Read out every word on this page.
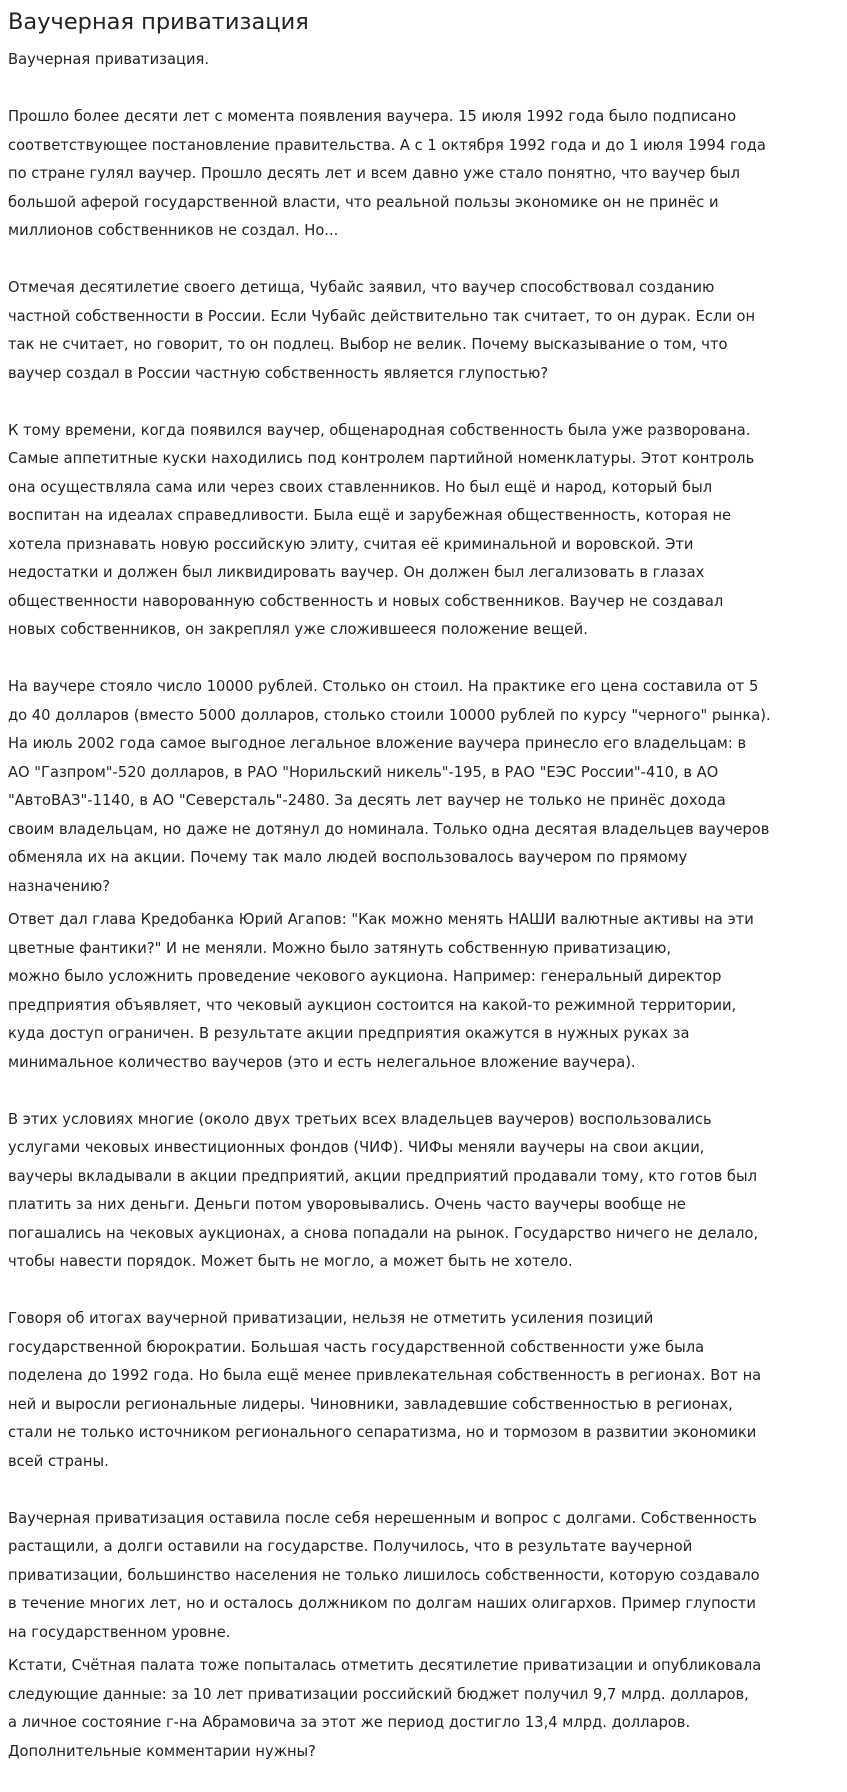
Ваучерная приватизация

Ваучерная приватизация.

Прошло более десяти лет с момента появления ваучера. 15 июля 1992 года было подписано
соответствующее постановление правительства. А с 1 октября 1992 года и до 1 июля 1994 года
по стране гулял ваучер. Прошло десять лет и всем давно уже стало понятно, что ваучер был
большой аферой государственной власти, что реальной пользы экономике он не принёс и
миллионов собственников не создал. Но...

Отмечая десятилетие своего детища, Чубайс заявил, что ваучер способствовал созданию
частной собственности в России. Если Чубайс действительно так считает, то он дурак. Если он
так не считает, но говорит, то он подлец. Выбор не велик. Почему высказывание о том, что
ваучер создал в России частную собственность является глупостью?

К тому времени, когда появился ваучер, общенародная собственность была уже разворована.
Самые аппетитные куски находились под контролем партийной номенклатуры. Этот контроль
она осуществляла сама или через своих ставленников. Но был ещё и народ, который был
воспитан на идеалах справедливости. Была ещё и зарубежная общественность, которая не
хотела признавать новую российскую элиту, считая её криминальной и воровской. Эти
недостатки и должен был ликвидировать ваучер. Он должен был легализовать в глазах
общественности наворованную собственность и новых собственников. Ваучер не создавал
новых собственников, он закреплял уже сложившееся положение вещей.

На ваучере стояло число 10000 рублей. Столько он стоил. На практике его цена составила от 5
до 40 долларов (вместо 5000 долларов, столько стоили 10000 рублей по курсу "черного" рынка).
На июль 2002 года самое выгодное легальное вложение ваучера принесло его владельцам: в
АО "Газпром"-520 долларов, в РАО "Норильский никель"-195, в РАО "ЕЭС России"-410, в АО
"АвтоВАЗ"-1140, в АО "Северсталь"-2480. За десять лет ваучер не только не принёс дохода
своим владельцам, но даже не дотянул до номинала. Только одна десятая владельцев ваучеров
обменяла их на акции. Почему так мало людей воспользовалось ваучером по прямому
назначению?

Ответ дал глава Кредобанка Юрий Агапов: "Как можно менять НАШИ валютные активы на эти
цветные фантики?" И не меняли. Можно было затянуть собственную приватизацию,
можно было усложнить проведение чекового аукциона. Например: генеральный директор
предприятия объявляет, что чековый аукцион состоится на какой-то режимной территории,
куда доступ ограничен. В результате акции предприятия окажутся в нужных руках за
минимальное количество ваучеров (это и есть нелегальное вложение ваучера).

В этих условиях многие (около двух третьих всех владельцев ваучеров) воспользовались
услугами чековых инвестиционных фондов (ЧИФ). ЧИФы меняли ваучеры на свои акции,
ваучеры вкладывали в акции предприятий, акции предприятий продавали тому, кто готов был
платить за них деньги. Деньги потом уворовывались. Очень часто ваучеры вообще не
погашались на чековых аукционах, а снова попадали на рынок. Государство ничего не делало,
чтобы навести порядок. Может быть не могло, а может быть не хотело.

Говоря об итогах ваучерной приватизации, нельзя не отметить усиления позиций
государственной бюрократии. Большая часть государственной собственности уже была
поделена до 1992 года. Но была ещё менее привлекательная собственность в регионах. Вот на
ней и выросли региональные лидеры. Чиновники, завладевшие собственностью в регионах,
стали не только источником регионального сепаратизма, но и тормозом в развитии экономики
всей страны.

Ваучерная приватизация оставила после себя нерешенным и вопрос с долгами. Собственность
растащили, а долги оставили на государстве. Получилось, что в результате ваучерной
приватизации, большинство населения не только лишилось собственности, которую создавало
в течение многих лет, но и осталось должником по долгам наших олигархов. Пример глупости
на государственном уровне.

Кстати, Счётная палата тоже попыталась отметить десятилетие приватизации и опубликовала
следующие данные: за 10 лет приватизации российский бюджет получил 9,7 млрд. долларов,
а личное состояние г-на Абрамовича за этот же период достигло 13,4 млрд. долларов.
Дополнительные комментарии нужны?
